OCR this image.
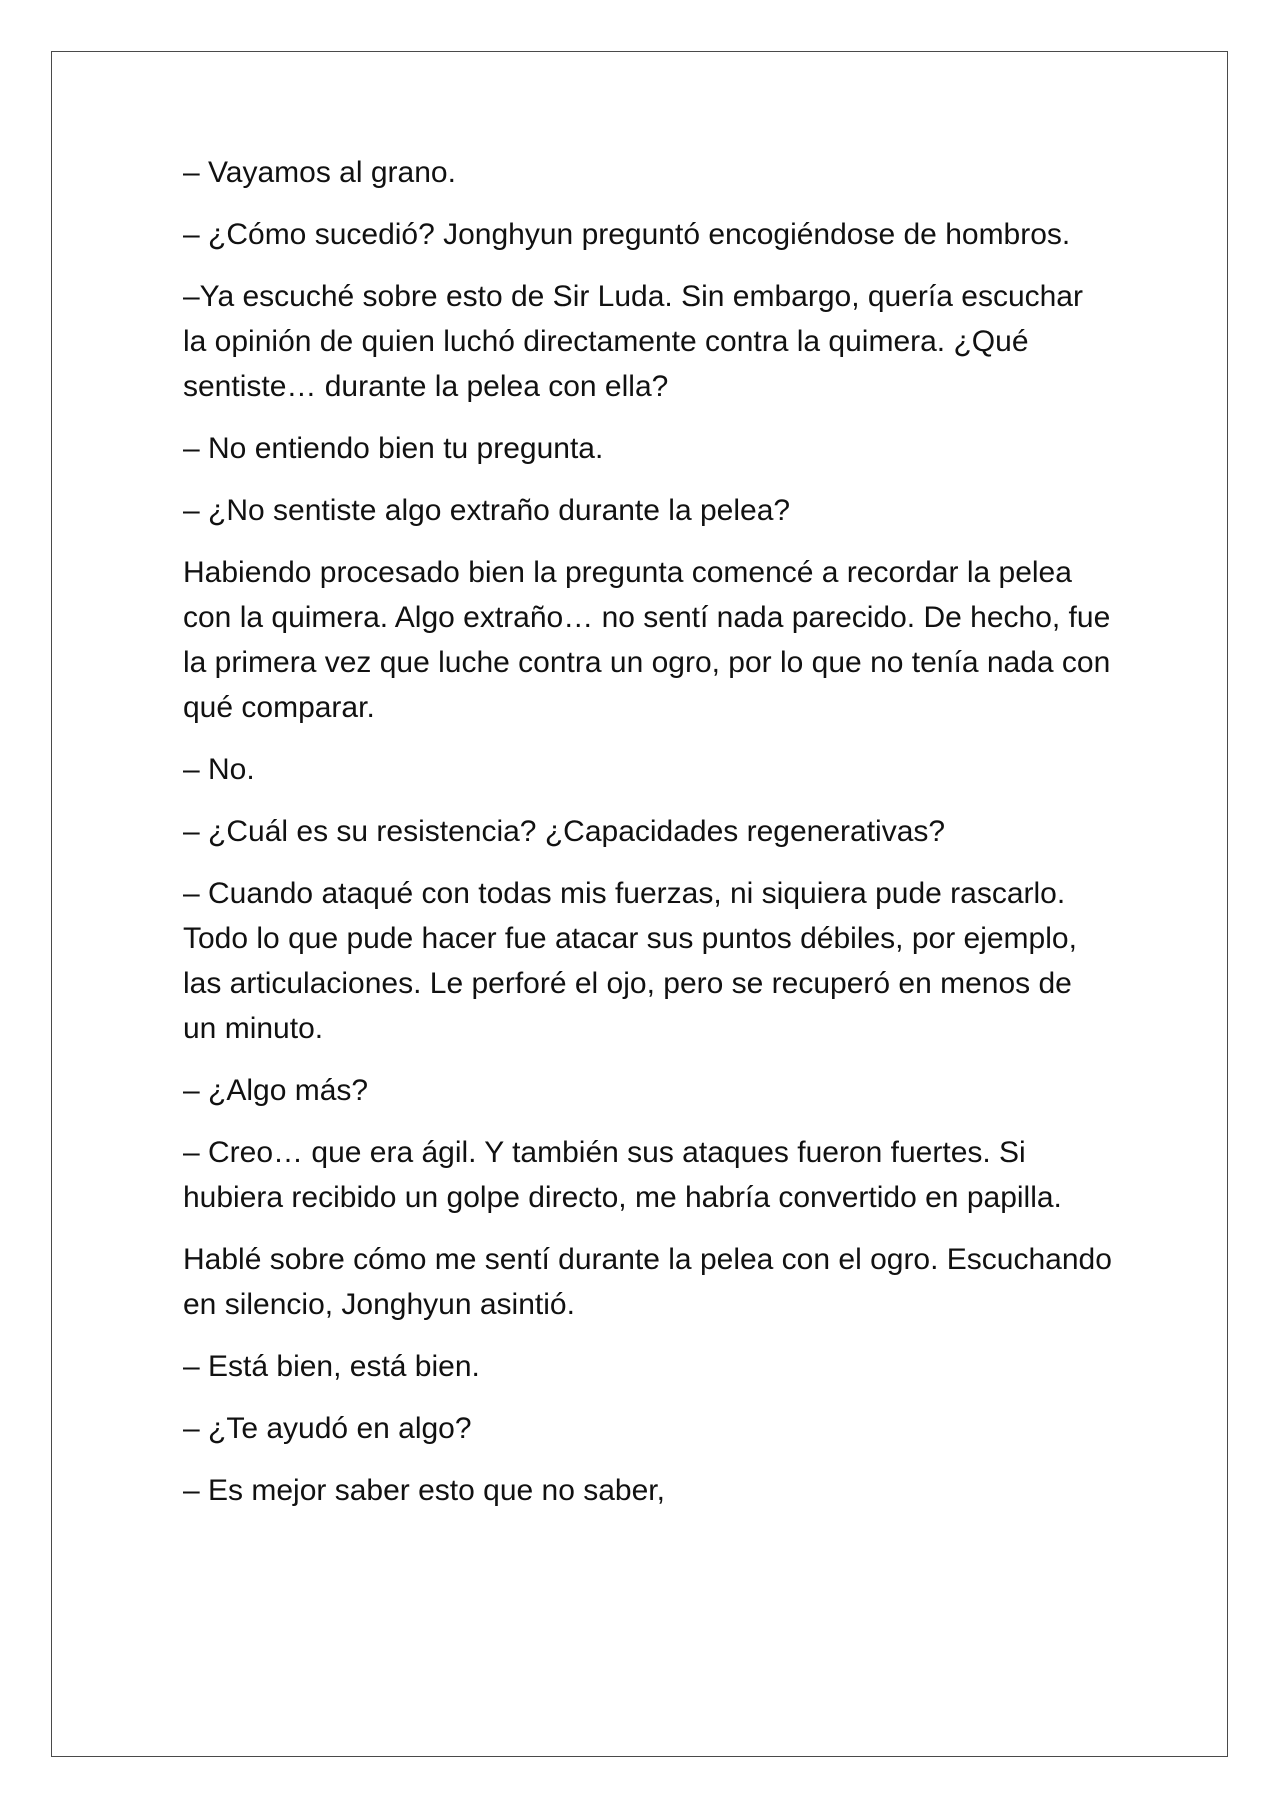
– Vayamos al grano.

– ¿Cómo sucedió? Jonghyun preguntó encogiéndose de hombros.

–Ya escuché sobre esto de Sir Luda. Sin embargo, quería escuchar la opinión de quien luchó directamente contra la quimera. ¿Qué sentiste… durante la pelea con ella?

– No entiendo bien tu pregunta.

– ¿No sentiste algo extraño durante la pelea?

Habiendo procesado bien la pregunta comencé a recordar la pelea con la quimera. Algo extraño… no sentí nada parecido. De hecho, fue la primera vez que luche contra un ogro, por lo que no tenía nada con qué comparar.

– No.

– ¿Cuál es su resistencia? ¿Capacidades regenerativas?

– Cuando ataqué con todas mis fuerzas, ni siquiera pude rascarlo. Todo lo que pude hacer fue atacar sus puntos débiles, por ejemplo, las articulaciones. Le perforé el ojo, pero se recuperó en menos de un minuto.

– ¿Algo más?

– Creo… que era ágil. Y también sus ataques fueron fuertes. Si hubiera recibido un golpe directo, me habría convertido en papilla.

Hablé sobre cómo me sentí durante la pelea con el ogro. Escuchando en silencio, Jonghyun asintió.

– Está bien, está bien.

– ¿Te ayudó en algo?

– Es mejor saber esto que no saber,
